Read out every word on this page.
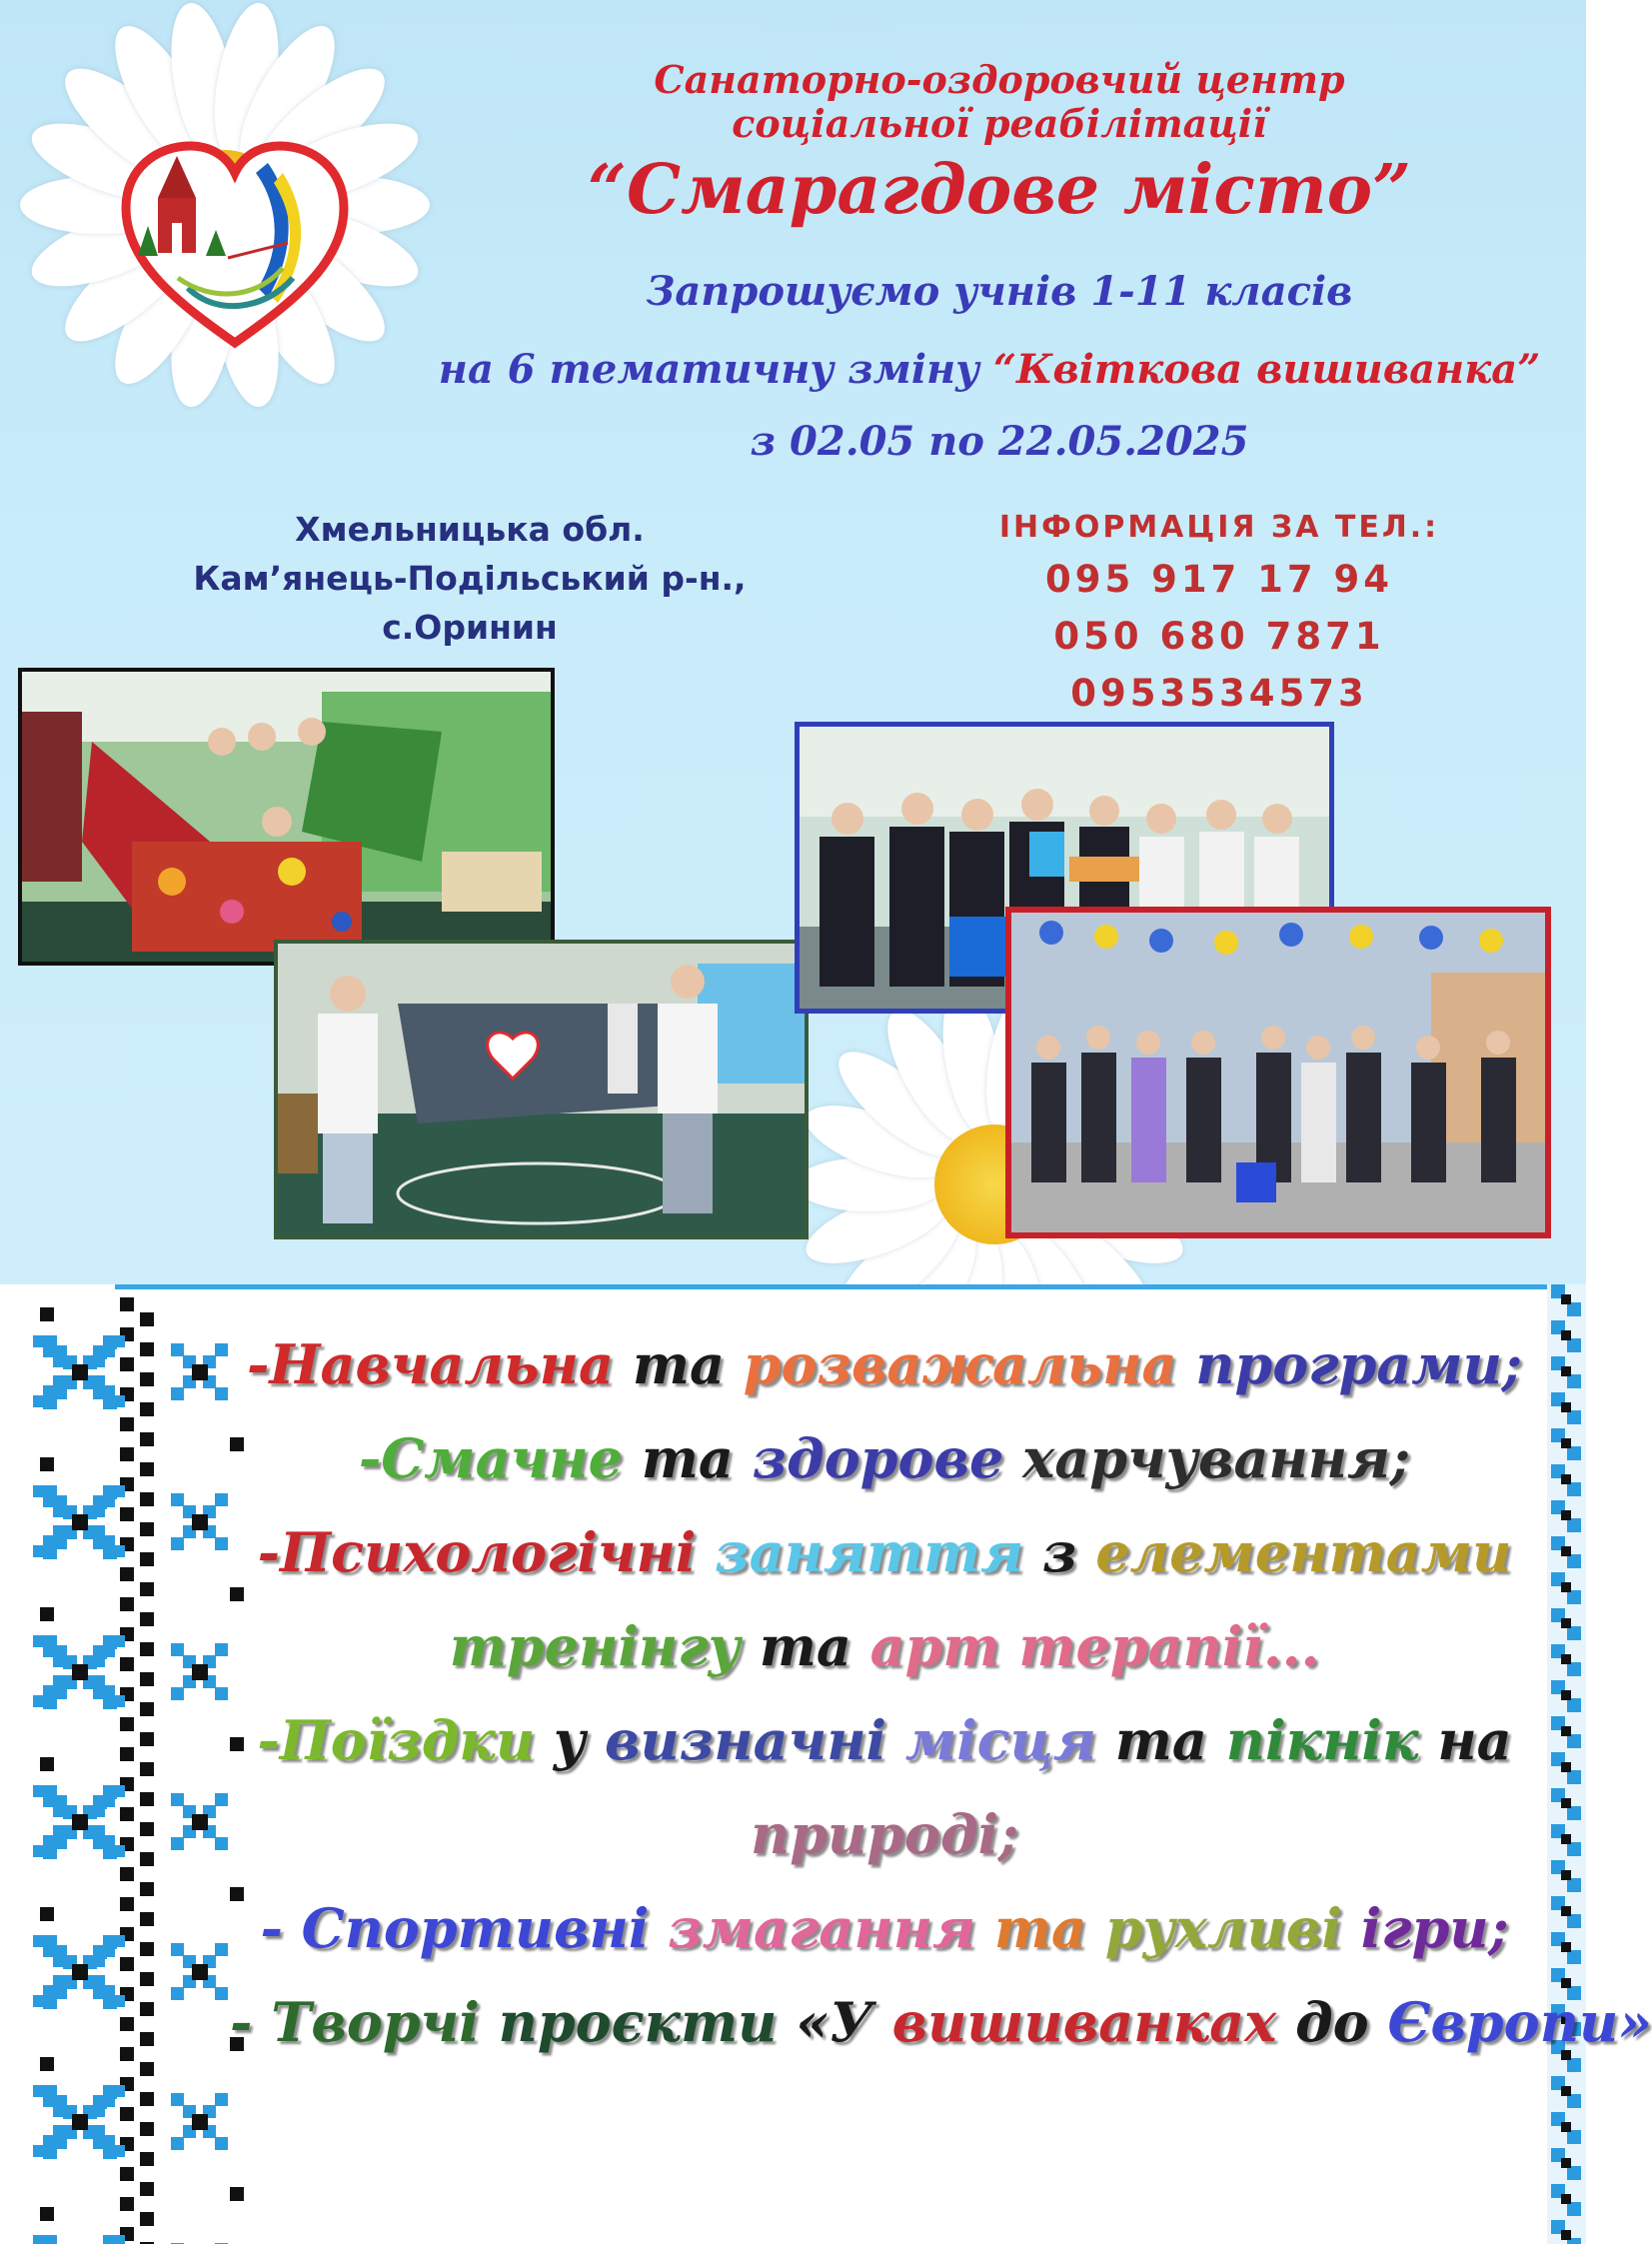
Санаторно-оздоровчий центр соціальної реабілітації

“Смарагдове місто”

Запрошуємо учнів 1-11 класів

на 6 тематичну зміну “Квіткова вишиванка”

з 02.05 по 22.05.2025

Хмельницька обл.
Кам’янець-Подільський р-н.,
с.Оринин
ІНФОРМАЦІЯ ЗА ТЕЛ.:
095 917 17 94
050 680 7871
0953534573
-Навчальна та розважальна програми;
-Смачне та здорове харчування;
-Психологічні заняття з елементами
тренінгу та арт терапії...
-Поїздки у визначні місця та пікнік на
природі;
- Спортивні змагання та рухливі ігри;
- Творчі проєкти «У вишиванках до Європи»
